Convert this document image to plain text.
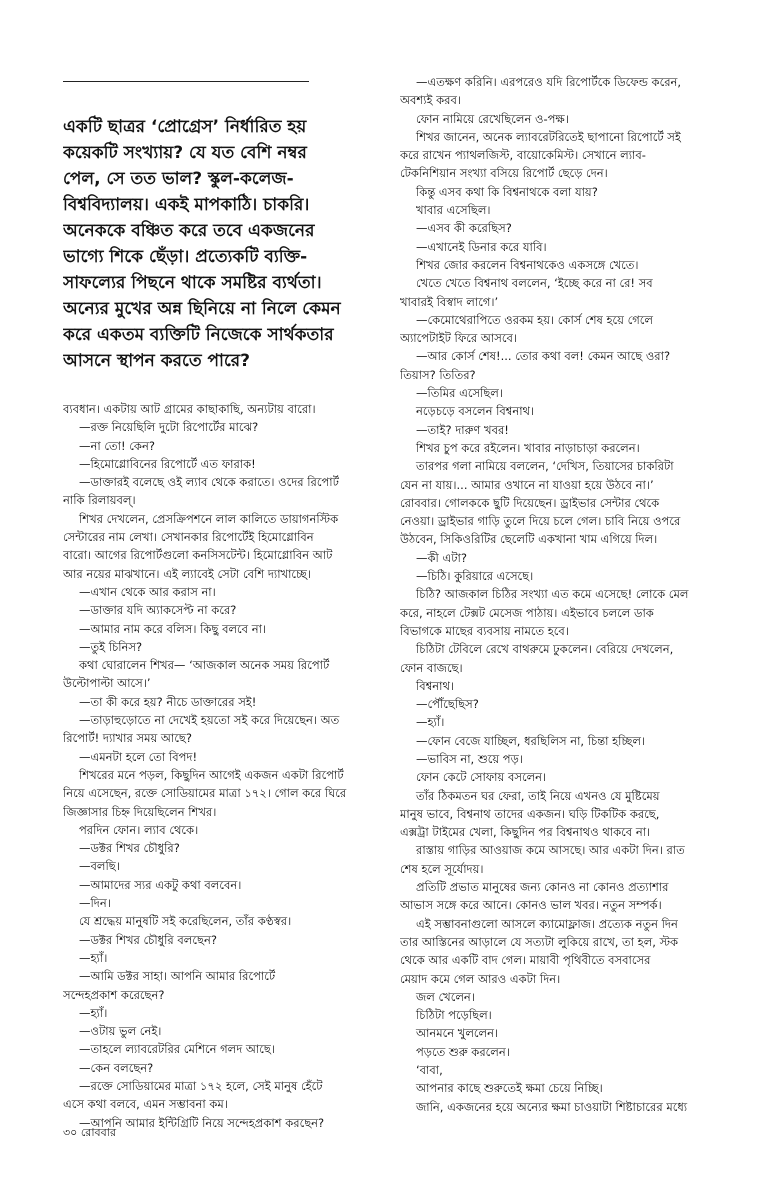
একটি ছাত্রর ‘প্রোগ্রেস’ নির্ধারিত হয়
কয়েকটি সংখ্যায়? যে যত বেশি নম্বর
পেল, সে তত ভাল? স্কুল-কলেজ-
বিশ্ববিদ্যালয়। একই মাপকাঠি। চাকরি।
অনেককে বঞ্চিত করে তবে একজনের
ভাগ্যে শিকে ছেঁড়া। প্রত্যেকটি ব্যক্তি-
সাফল্যের পিছনে থাকে সমষ্টির ব্যর্থতা।
অন্যের মুখের অন্ন ছিনিয়ে না নিলে কেমন
করে একতম ব্যক্তিটি নিজেকে সার্থকতার
আসনে স্থাপন করতে পারে?
ব্যবধান। একটায় আট গ্রামের কাছাকাছি, অন্যটায় বারো।
—রক্ত নিয়েছিলি দুটো রিপোর্টের মাঝে?
—না তো! কেন?
—হিমোগ্লোবিনের রিপোর্টে এত ফারাক!
—ডাক্তারই বলেছে ওই ল্যাব থেকে করাতে। ওদের রিপোর্ট
নাকি রিলায়বল্‌।
শিখর দেখলেন, প্রেসক্রিপশনে লাল কালিতে ডায়াগনস্টিক
সেন্টারের নাম লেখা। সেখানকার রিপোর্টেই হিমোগ্লোবিন
বারো। আগের রিপোর্টগুলো কনসিসটেন্ট। হিমোগ্লোবিন আট
আর নয়ের মাঝখানে। এই ল্যাবেই সেটা বেশি দ্যাখাচ্ছে।
—এখান থেকে আর করাস না।
—ডাক্তার যদি অ্যাকসেপ্ট না করে?
—আমার নাম করে বলিস। কিছু বলবে না।
—তুই চিনিস?
কথা ঘোরালেন শিখর— ‘আজকাল অনেক সময় রিপোর্ট
উল্টোপাল্টা আসে।’
—তা কী করে হয়? নীচে ডাক্তারের সই!
—তাড়াহুড়োতে না দেখেই হয়তো সই করে দিয়েছেন। অত
রিপোর্ট! দ্যাখার সময় আছে?
—এমনটা হলে তো বিপদ!
শিখরের মনে পড়ল, কিছুদিন আগেই একজন একটা রিপোর্ট
নিয়ে এসেছেন, রক্তে সোডিয়ামের মাত্রা ১৭২। গোল করে ঘিরে
জিজ্ঞাসার চিহ্ন দিয়েছিলেন শিখর।
পরদিন ফোন। ল্যাব থেকে।
—ডক্টর শিখর চৌধুরি?
—বলছি।
—আমাদের স্যর একটু কথা বলবেন।
—দিন।
যে শ্রদ্ধেয় মানুষটি সই করেছিলেন, তাঁর কণ্ঠস্বর।
—ডক্টর শিখর চৌধুরি বলছেন?
—হ্যাঁ।
—আমি ডক্টর সাহা। আপনি আমার রিপোর্টে
সন্দেহপ্রকাশ করেছেন?
—হ্যাঁ।
—ওটায় ভুল নেই।
—তাহলে ল্যাবরেটরির মেশিনে গলদ আছে।
—কেন বলছেন?
—রক্তে সোডিয়ামের মাত্রা ১৭২ হলে, সেই মানুষ হেঁটে
এসে কথা বলবে, এমন সম্ভাবনা কম।
—আপনি আমার ইন্টিগ্রিটি নিয়ে সন্দেহপ্রকাশ করছেন?
—এতক্ষণ করিনি। এরপরেও যদি রিপোর্টকে ডিফেন্ড করেন,
অবশ্যই করব।
ফোন নামিয়ে রেখেছিলেন ও-পক্ষ।
শিখর জানেন, অনেক ল্যাবরেটরিতেই ছাপানো রিপোর্টে সই
করে রাখেন প্যাথলজিস্ট, বায়োকেমিস্ট। সেখানে ল্যাব-
টেকনিশিয়ান সংখ্যা বসিয়ে রিপোর্ট ছেড়ে দেন।
কিন্তু এসব কথা কি বিশ্বনাথকে বলা যায়?
খাবার এসেছিল।
—এসব কী করেছিস?
—এখানেই ডিনার করে যাবি।
শিখর জোর করলেন বিশ্বনাথকেও একসঙ্গে খেতে।
খেতে খেতে বিশ্বনাথ বললেন, ‘ইচ্ছে করে না রে! সব
খাবারই বিস্বাদ লাগে।’
—কেমোথেরাপিতে ওরকম হয়। কোর্স শেষ হয়ে গেলে
অ্যাপেটাইট ফিরে আসবে।
—আর কোর্স শেষ!... তোর কথা বল! কেমন আছে ওরা?
তিয়াস? তিতির?
—তিমির এসেছিল।
নড়েচড়ে বসলেন বিশ্বনাথ।
—তাই? দারুণ খবর!
শিখর চুপ করে রইলেন। খাবার নাড়াচাড়া করলেন।
তারপর গলা নামিয়ে বললেন, ‘দেখিস, তিয়াসের চাকরিটা
যেন না যায়।... আমার ওখানে না যাওয়া হয়ে উঠবে না।’
রোববার। গোলককে ছুটি দিয়েছেন। ড্রাইভার সেন্টার থেকে
নেওয়া। ড্রাইভার গাড়ি তুলে দিয়ে চলে গেল। চাবি নিয়ে ওপরে
উঠবেন, সিকিওরিটির ছেলেটি একখানা খাম এগিয়ে দিল।
—কী এটা?
—চিঠি। কুরিয়ারে এসেছে।
চিঠি? আজকাল চিঠির সংখ্যা এত কমে এসেছে! লোকে মেল
করে, নাহলে টেক্সট মেসেজ পাঠায়। এইভাবে চললে ডাক
বিভাগকে মাছের ব্যবসায় নামতে হবে।
চিঠিটা টেবিলে রেখে বাথরুমে ঢুকলেন। বেরিয়ে দেখলেন,
ফোন বাজছে।
বিশ্বনাথ।
—পৌঁছেছিস?
—হ্যাঁ।
—ফোন বেজে যাচ্ছিল, ধরছিলিস না, চিন্তা হচ্ছিল।
—ভাবিস না, শুয়ে পড়।
ফোন কেটে সোফায় বসলেন।
তাঁর ঠিকমতন ঘর ফেরা, তাই নিয়ে এখনও যে মুষ্টিমেয়
মানুষ ভাবে, বিশ্বনাথ তাদের একজন। ঘড়ি টিকটিক করছে,
এক্সট্রা টাইমের খেলা, কিছুদিন পর বিশ্বনাথও থাকবে না।
রাস্তায় গাড়ির আওয়াজ কমে আসছে। আর একটা দিন। রাত
শেষ হলে সূর্যোদয়।
প্রতিটি প্রভাত মানুষের জন্য কোনও না কোনও প্রত্যাশার
আভাস সঙ্গে করে আনে। কোনও ভাল খবর। নতুন সম্পর্ক।
এই সম্ভাবনাগুলো আসলে ক্যামোফ্লাজ। প্রত্যেক নতুন দিন
তার আস্তিনের আড়ালে যে সত্যটা লুকিয়ে রাখে, তা হল, স্টক
থেকে আর একটি বাদ গেল। মায়াবী পৃথিবীতে বসবাসের
মেয়াদ কমে গেল আরও একটা দিন।
জল খেলেন।
চিঠিটা পড়েছিল।
আনমনে খুললেন।
পড়তে শুরু করলেন।
‘বাবা,
আপনার কাছে শুরুতেই ক্ষমা চেয়ে নিচ্ছি।
জানি, একজনের হয়ে অন্যের ক্ষমা চাওয়াটা শিষ্টাচারের মধ্যে
৩০ রোববার
